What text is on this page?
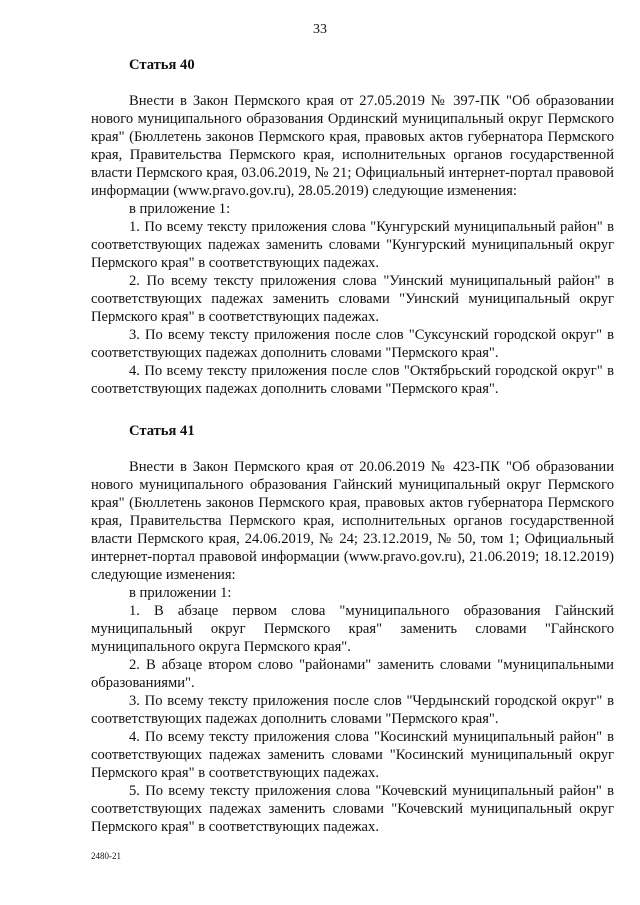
33
Статья 40

Внести в Закон Пермского края от 27.05.2019 № 397-ПК "Об образовании нового муниципального образования Ординский муниципальный округ Пермского края" (Бюллетень законов Пермского края, правовых актов губернатора Пермского края, Правительства Пермского края, исполнительных органов государственной власти Пермского края, 03.06.2019, № 21; Официальный интернет-портал правовой информации (www.pravo.gov.ru), 28.05.2019) следующие изменения:

в приложение 1:

1. По всему тексту приложения слова "Кунгурский муниципальный район" в соответствующих падежах заменить словами "Кунгурский муниципальный округ Пермского края" в соответствующих падежах.

2. По всему тексту приложения слова "Уинский муниципальный район" в соответствующих падежах заменить словами "Уинский муниципальный округ Пермского края" в соответствующих падежах.

3. По всему тексту приложения после слов "Суксунский городской округ" в соответствующих падежах дополнить словами "Пермского края".

4. По всему тексту приложения после слов "Октябрьский городской округ" в соответствующих падежах дополнить словами "Пермского края".

Статья 41

Внести в Закон Пермского края от 20.06.2019 № 423-ПК "Об образовании нового муниципального образования Гайнский муниципальный округ Пермского края" (Бюллетень законов Пермского края, правовых актов губернатора Пермского края, Правительства Пермского края, исполнительных органов государственной власти Пермского края, 24.06.2019, № 24; 23.12.2019, № 50, том 1; Официальный интернет-портал правовой информации (www.pravo.gov.ru), 21.06.2019; 18.12.2019) следующие изменения:

в приложении 1:

1. В абзаце первом слова "муниципального образования Гайнский муниципальный округ Пермского края" заменить словами "Гайнского муниципального округа Пермского края".

2. В абзаце втором слово "районами" заменить словами "муниципальными образованиями".

3. По всему тексту приложения после слов "Чердынский городской округ" в соответствующих падежах дополнить словами "Пермского края".

4. По всему тексту приложения слова "Косинский муниципальный район" в соответствующих падежах заменить словами "Косинский муниципальный округ Пермского края" в соответствующих падежах.

5. По всему тексту приложения слова "Кочевский муниципальный район" в соответствующих падежах заменить словами "Кочевский муниципальный округ Пермского края" в соответствующих падежах.

2480-21
